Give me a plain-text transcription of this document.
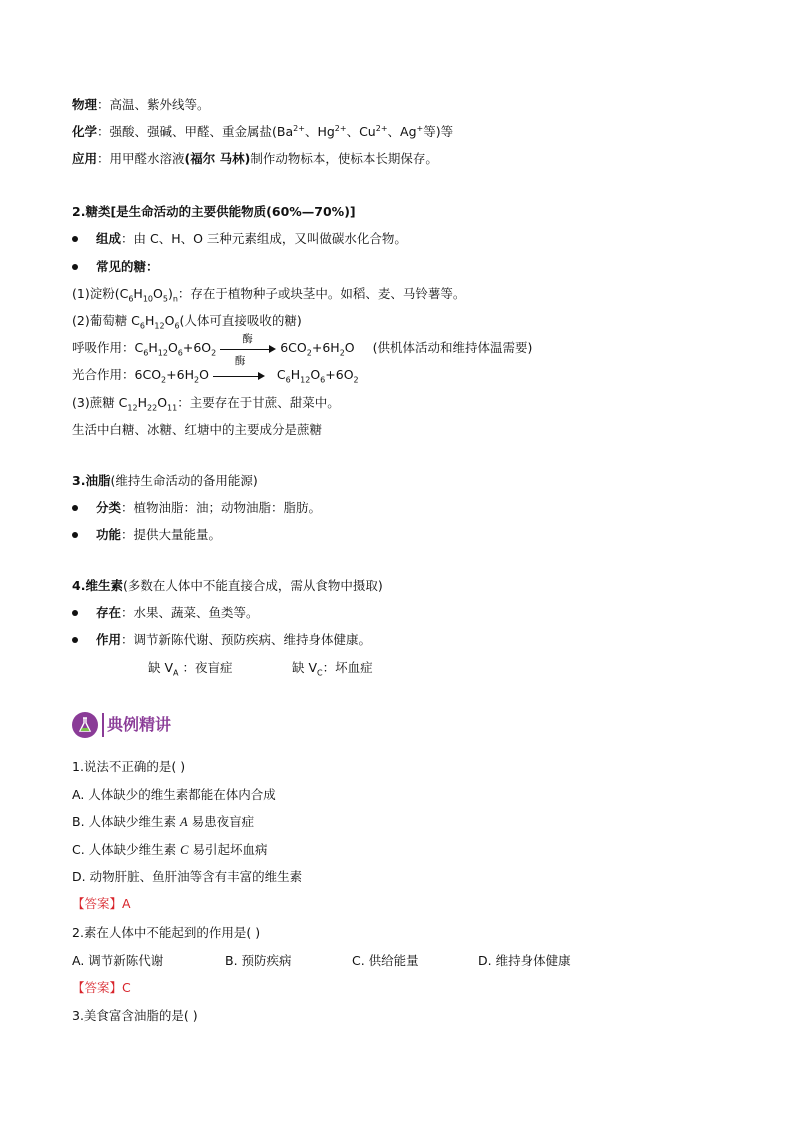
物理：高温、紫外线等。
化学：强酸、强碱、甲醛、重金属盐($Ba^{2+}$、$Hg^{2+}$、$Cu^{2+}$、Ag+等)等
应用：用甲醛水溶液(福尔 马林)制作动物标本，使标本长期保存。
2.糖类[是生命活动的主要供能物质(60%—70%)]
组成：由 C、H、O 三种元素组成，又叫做碳水化合物。
常见的糖：
(1)淀粉$(C_6H_{10}O_5)_n$：存在于植物种子或块茎中。如稻、麦、马铃薯等。
(2)葡萄糖 $C_6H_{12}O_6$(人体可直接吸收的糖)
呼吸作用：$C_6H_{12}O_6+6O_2$
酶
$6CO_2+6H_2O$ (供机体活动和维持体温需要)
光合作用：$6CO_2+6H_2O$
酶
$C_6H_{12}O_6+6O_2$
(3)蔗糖 $C_{12}H_{22}O_{11}$：主要存在于甘蔗、甜菜中。
生活中白糖、冰糖、红塘中的主要成分是蔗糖
3.油脂(维持生命活动的备用能源)
分类：植物油脂：油；动物油脂：脂肪。
功能：提供大量能量。
4.维生素(多数在人体中不能直接合成，需从食物中摄取)
存在：水果、蔬菜、鱼类等。
作用：调节新陈代谢、预防疾病、维持身体健康。
缺 $V_A$ ：夜盲症	缺 $V_C$：坏血症
典例精讲
1.说法不正确的是( )
A. 人体缺少的维生素都能在体内合成
B. 人体缺少维生素 A 易患夜盲症
C. 人体缺少维生素 C 易引起坏血病
D. 动物肝脏、鱼肝油等含有丰富的维生素
【答案】A
2.素在人体中不能起到的作用是( )
A. 调节新陈代谢	B. 预防疾病	C. 供给能量	D. 维持身体健康
【答案】C
3.美食富含油脂的是( )
